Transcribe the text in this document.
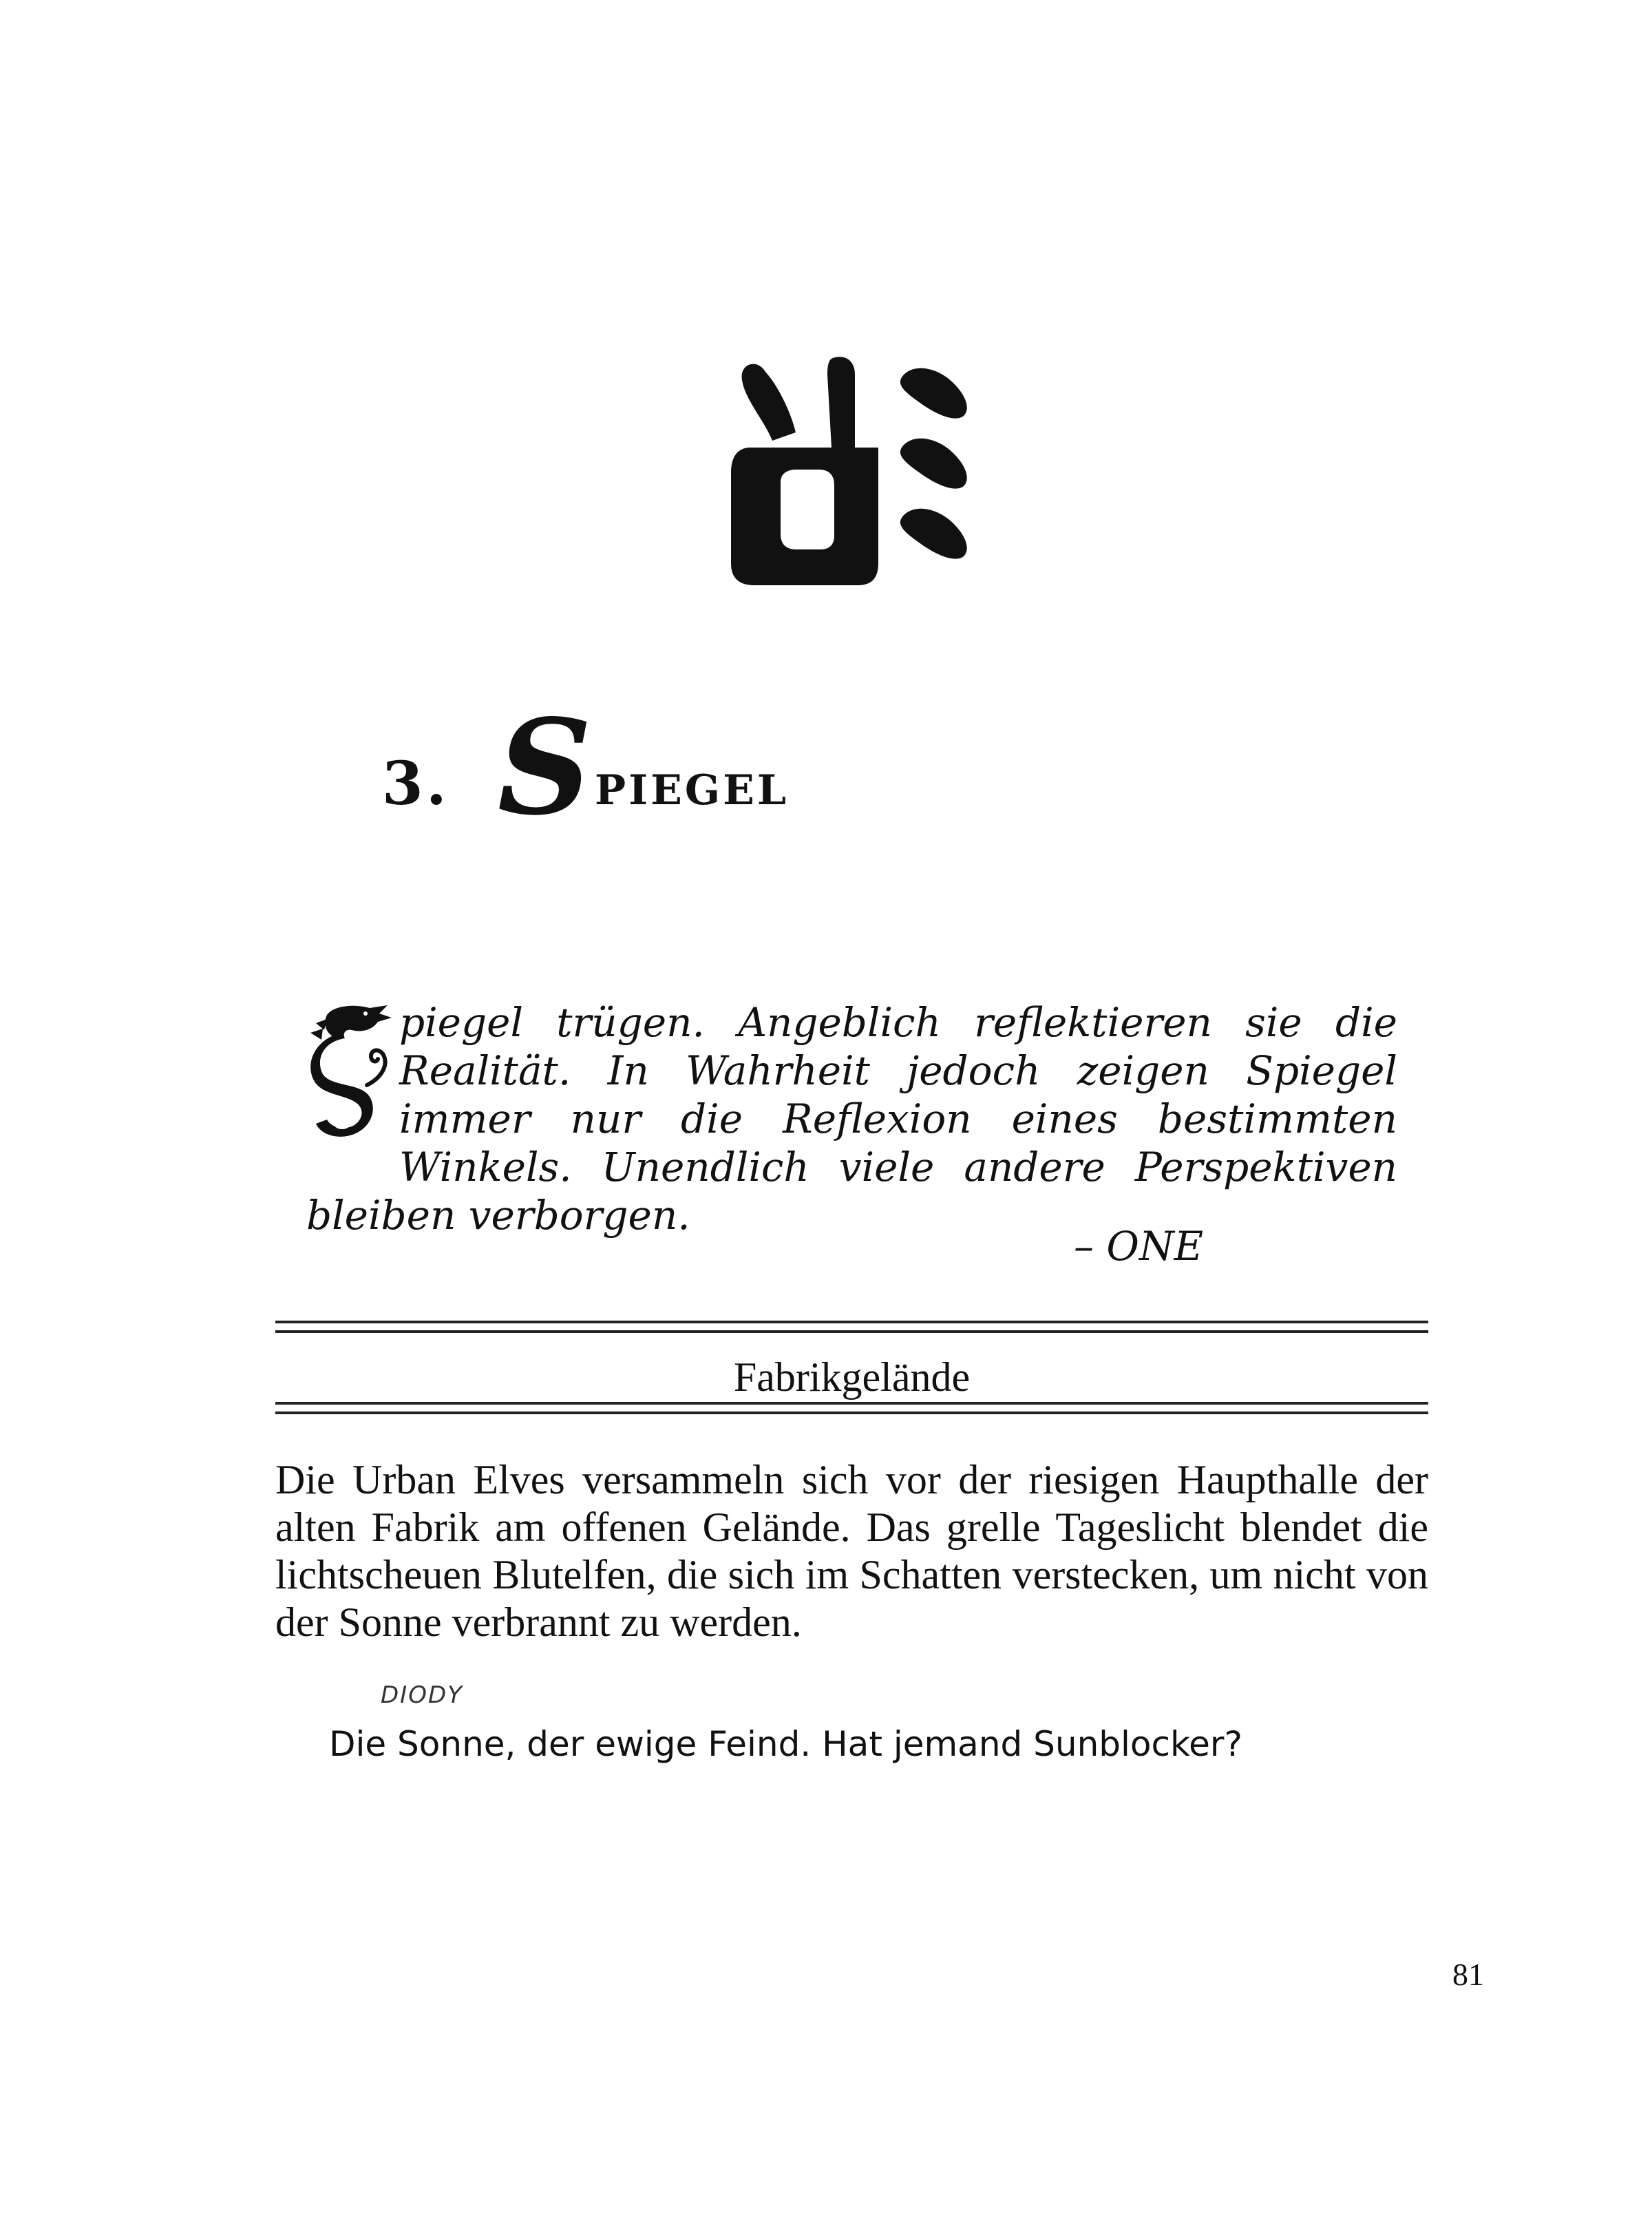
3. S piegel
piegel trügen. Angeblich reflektieren sie die Realität. In Wahrheit jedoch zeigen Spiegel immer nur die Reflexion eines bestimmten Winkels. Unendlich viele andere Perspektiven bleiben verborgen.
– ONE
Fabrikgelände

Die Urban Elves versammeln sich vor der riesigen Haupthalle der alten Fabrik am offenen Gelände. Das grelle Tageslicht blendet die lichtscheuen Blutelfen, die sich im Schatten verstecken, um nicht von der Sonne verbrannt zu werden.

DIODY
Die Sonne, der ewige Feind. Hat jemand Sunblocker?
81
